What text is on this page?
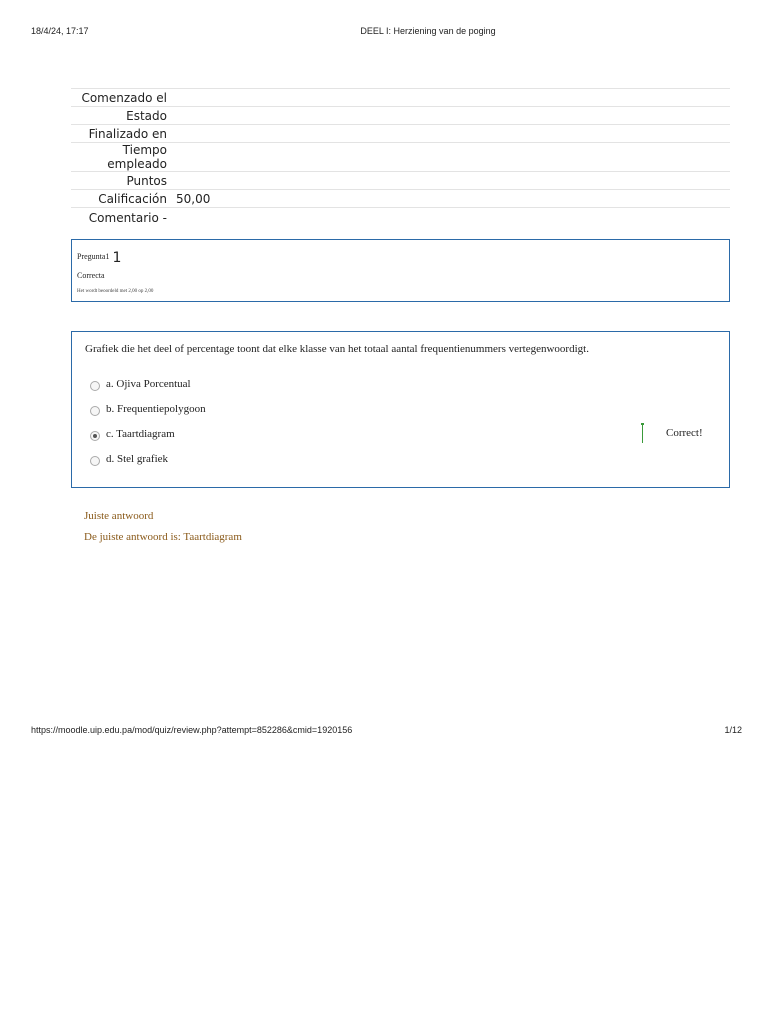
18/4/24, 17:17	DEEL I: Herziening van de poging
Comenzado el	
Estado	
Finalizado en	
Tiempo empleado	
Puntos	
Calificación	50,00
Comentario -	
Pregunta1 1
Correcta
Het wordt beoordeld met 2,00 op 2,00
Grafiek die het deel of percentage toont dat elke klasse van het totaal aantal frequentienummers vertegenwoordigt.
a. Ojiva Porcentual
b. Frequentiepolygoon
c. Taartdiagram
d. Stel grafiek
Correct!
Juiste antwoord
De juiste antwoord is: Taartdiagram
https://moodle.uip.edu.pa/mod/quiz/review.php?attempt=852286&cmid=1920156	1/12
